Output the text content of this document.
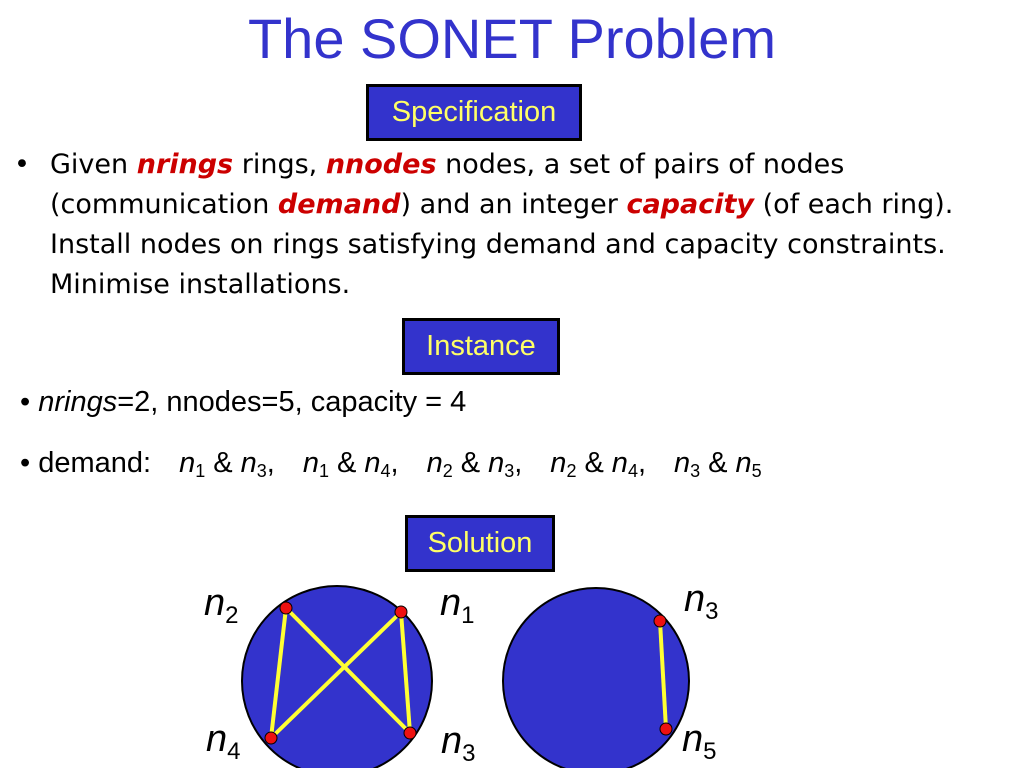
The SONET Problem
Specification
• Given nrings rings, nnodes nodes, a set of pairs of nodes (communication demand) and an integer capacity (of each ring). Install nodes on rings satisfying demand and capacity constraints. Minimise installations.
Instance
• nrings=2, nnodes=5, capacity = 4
• demand: $n_1$ & $n_3$, $n_1$ & $n_4$, $n_2$ & $n_3$, $n_2$ & $n_4$, $n_3$ & $n_5$
Solution
$n_2$	$n_1$
$n_4$	$n_3$
$n_3$
$n_5$
